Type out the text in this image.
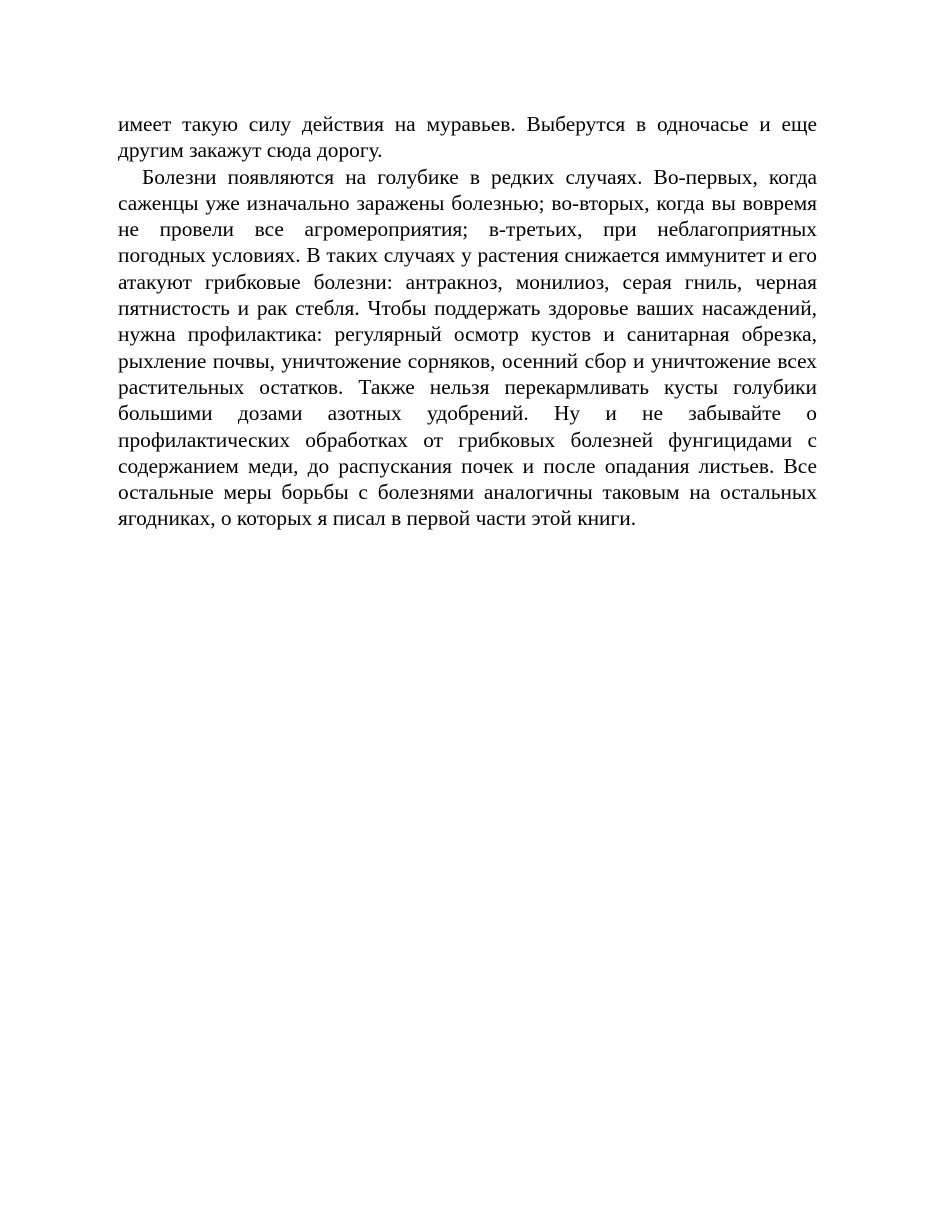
имеет такую силу действия на муравьев. Выберутся в одночасье и еще другим закажут сюда дорогу.

Болезни появляются на голубике в редких случаях. Во-первых, когда саженцы уже изначально заражены болезнью; во-вторых, когда вы вовремя не провели все агромероприятия; в-третьих, при неблагоприятных погодных условиях. В таких случаях у растения снижается иммунитет и его атакуют грибковые болезни: антракноз, монилиоз, серая гниль, черная пятнистость и рак стебля. Чтобы поддержать здоровье ваших насаждений, нужна профилактика: регулярный осмотр кустов и санитарная обрезка, рыхление почвы, уничтожение сорняков, осенний сбор и уничтожение всех растительных остатков. Также нельзя перекармливать кусты голубики большими дозами азотных удобрений. Ну и не забывайте о профилактических обработках от грибковых болезней фунгицидами с содержанием меди, до распускания почек и после опадания листьев. Все остальные меры борьбы с болезнями аналогичны таковым на остальных ягодниках, о которых я писал в первой части этой книги.
